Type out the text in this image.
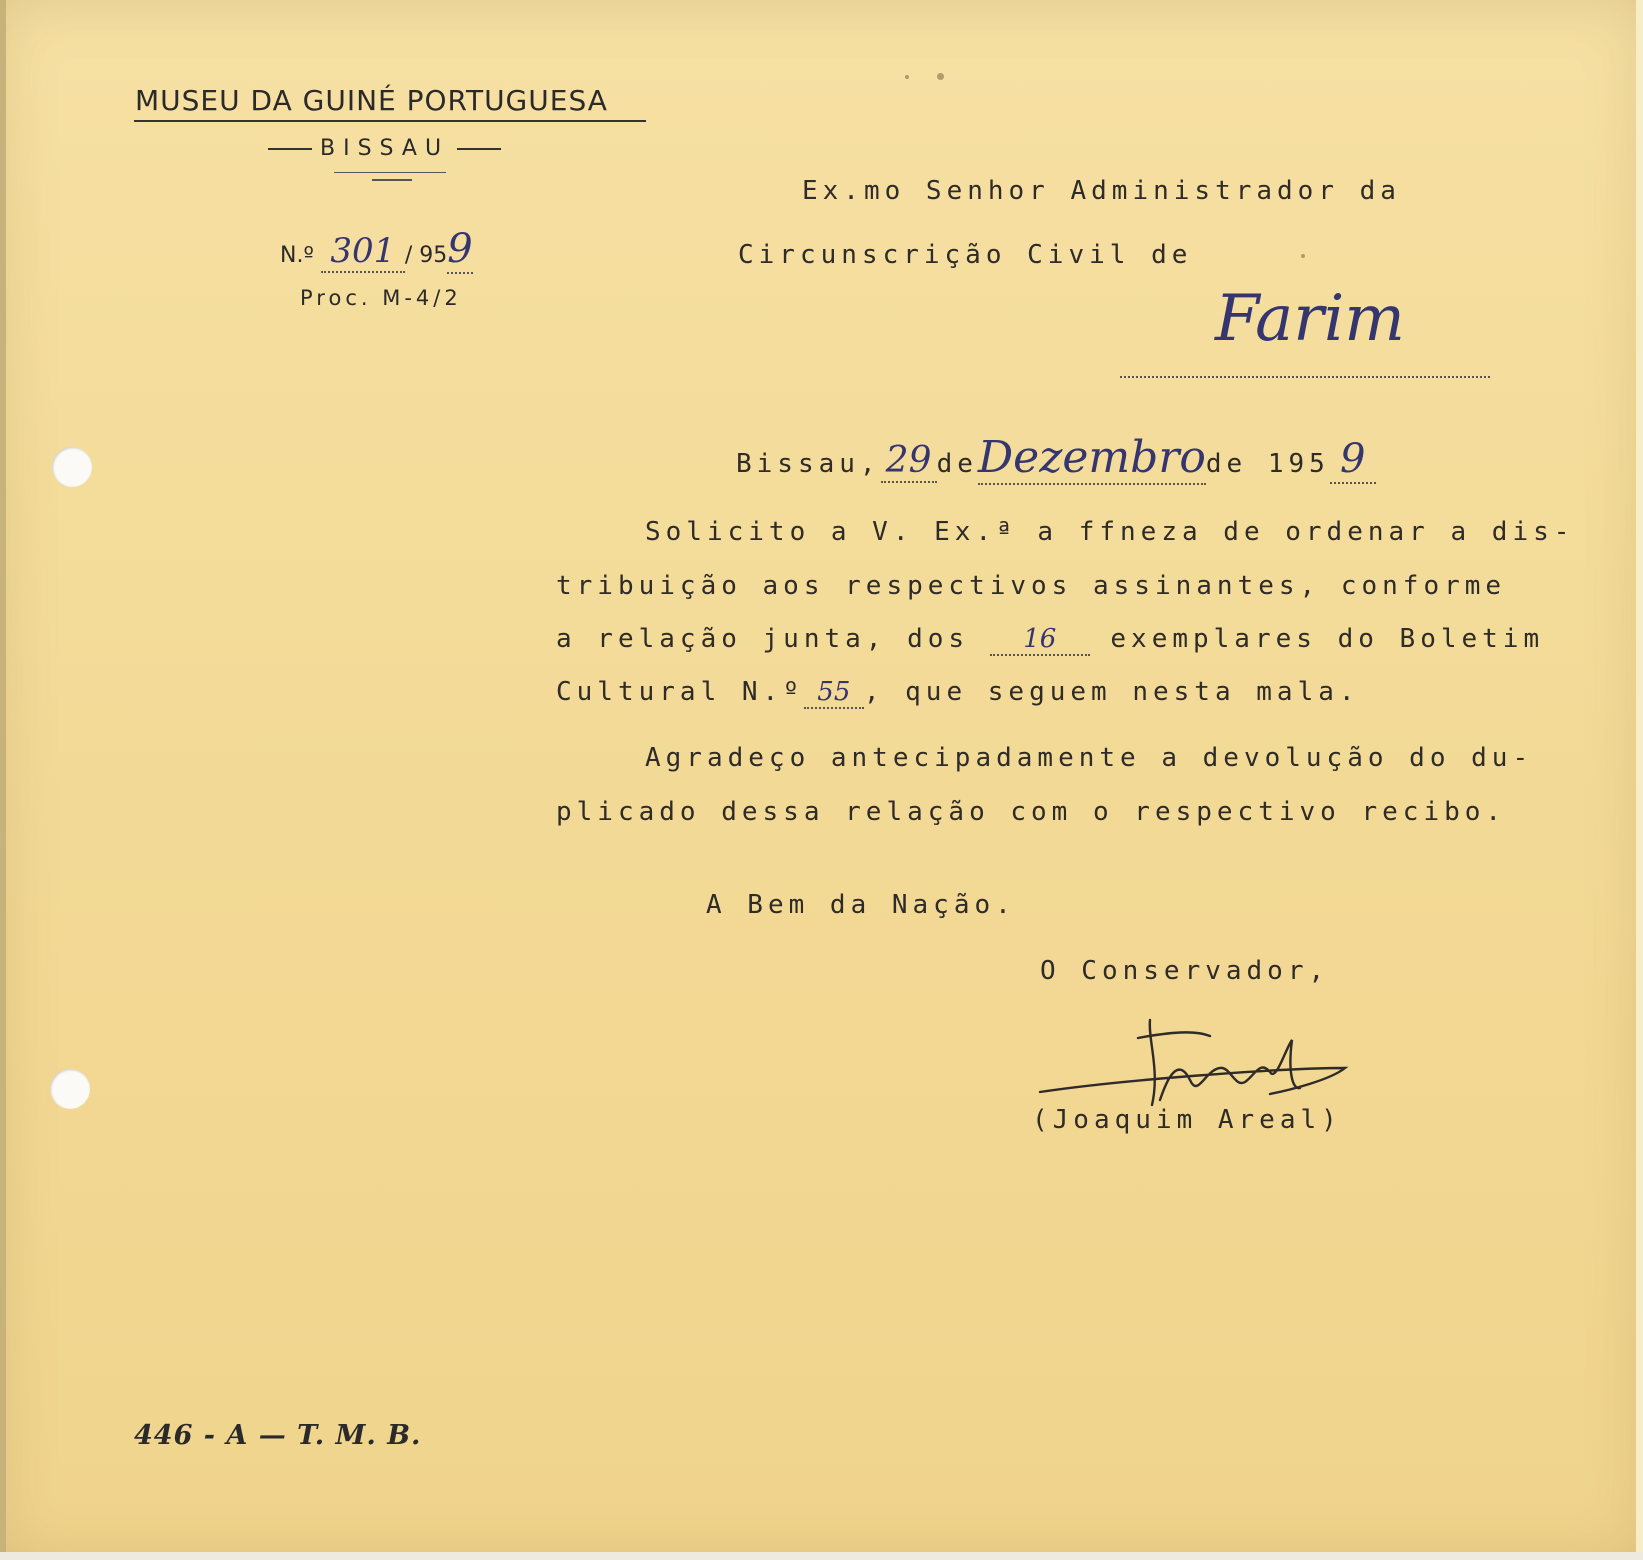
MUSEU DA GUINÉ PORTUGUESA
BISSAU
N.º 301 / 959
Proc. M-4/2
Ex.mo Senhor Administrador da
Circunscrição Civil de
Farim
Bissau, 29 deDezembrode 195 9
Solicito a V. Ex.ª a ffneza de ordenar a dis-
tribuição aos respectivos assinantes, conforme
a relação junta, dos 16 exemplares do Boletim
Cultural N.º 55 , que seguem nesta mala.
Agradeço antecipadamente a devolução do du-
plicado dessa relação com o respectivo recibo.
A Bem da Nação.
O Conservador,
(Joaquim Areal)
446 - A — T. M. B.
